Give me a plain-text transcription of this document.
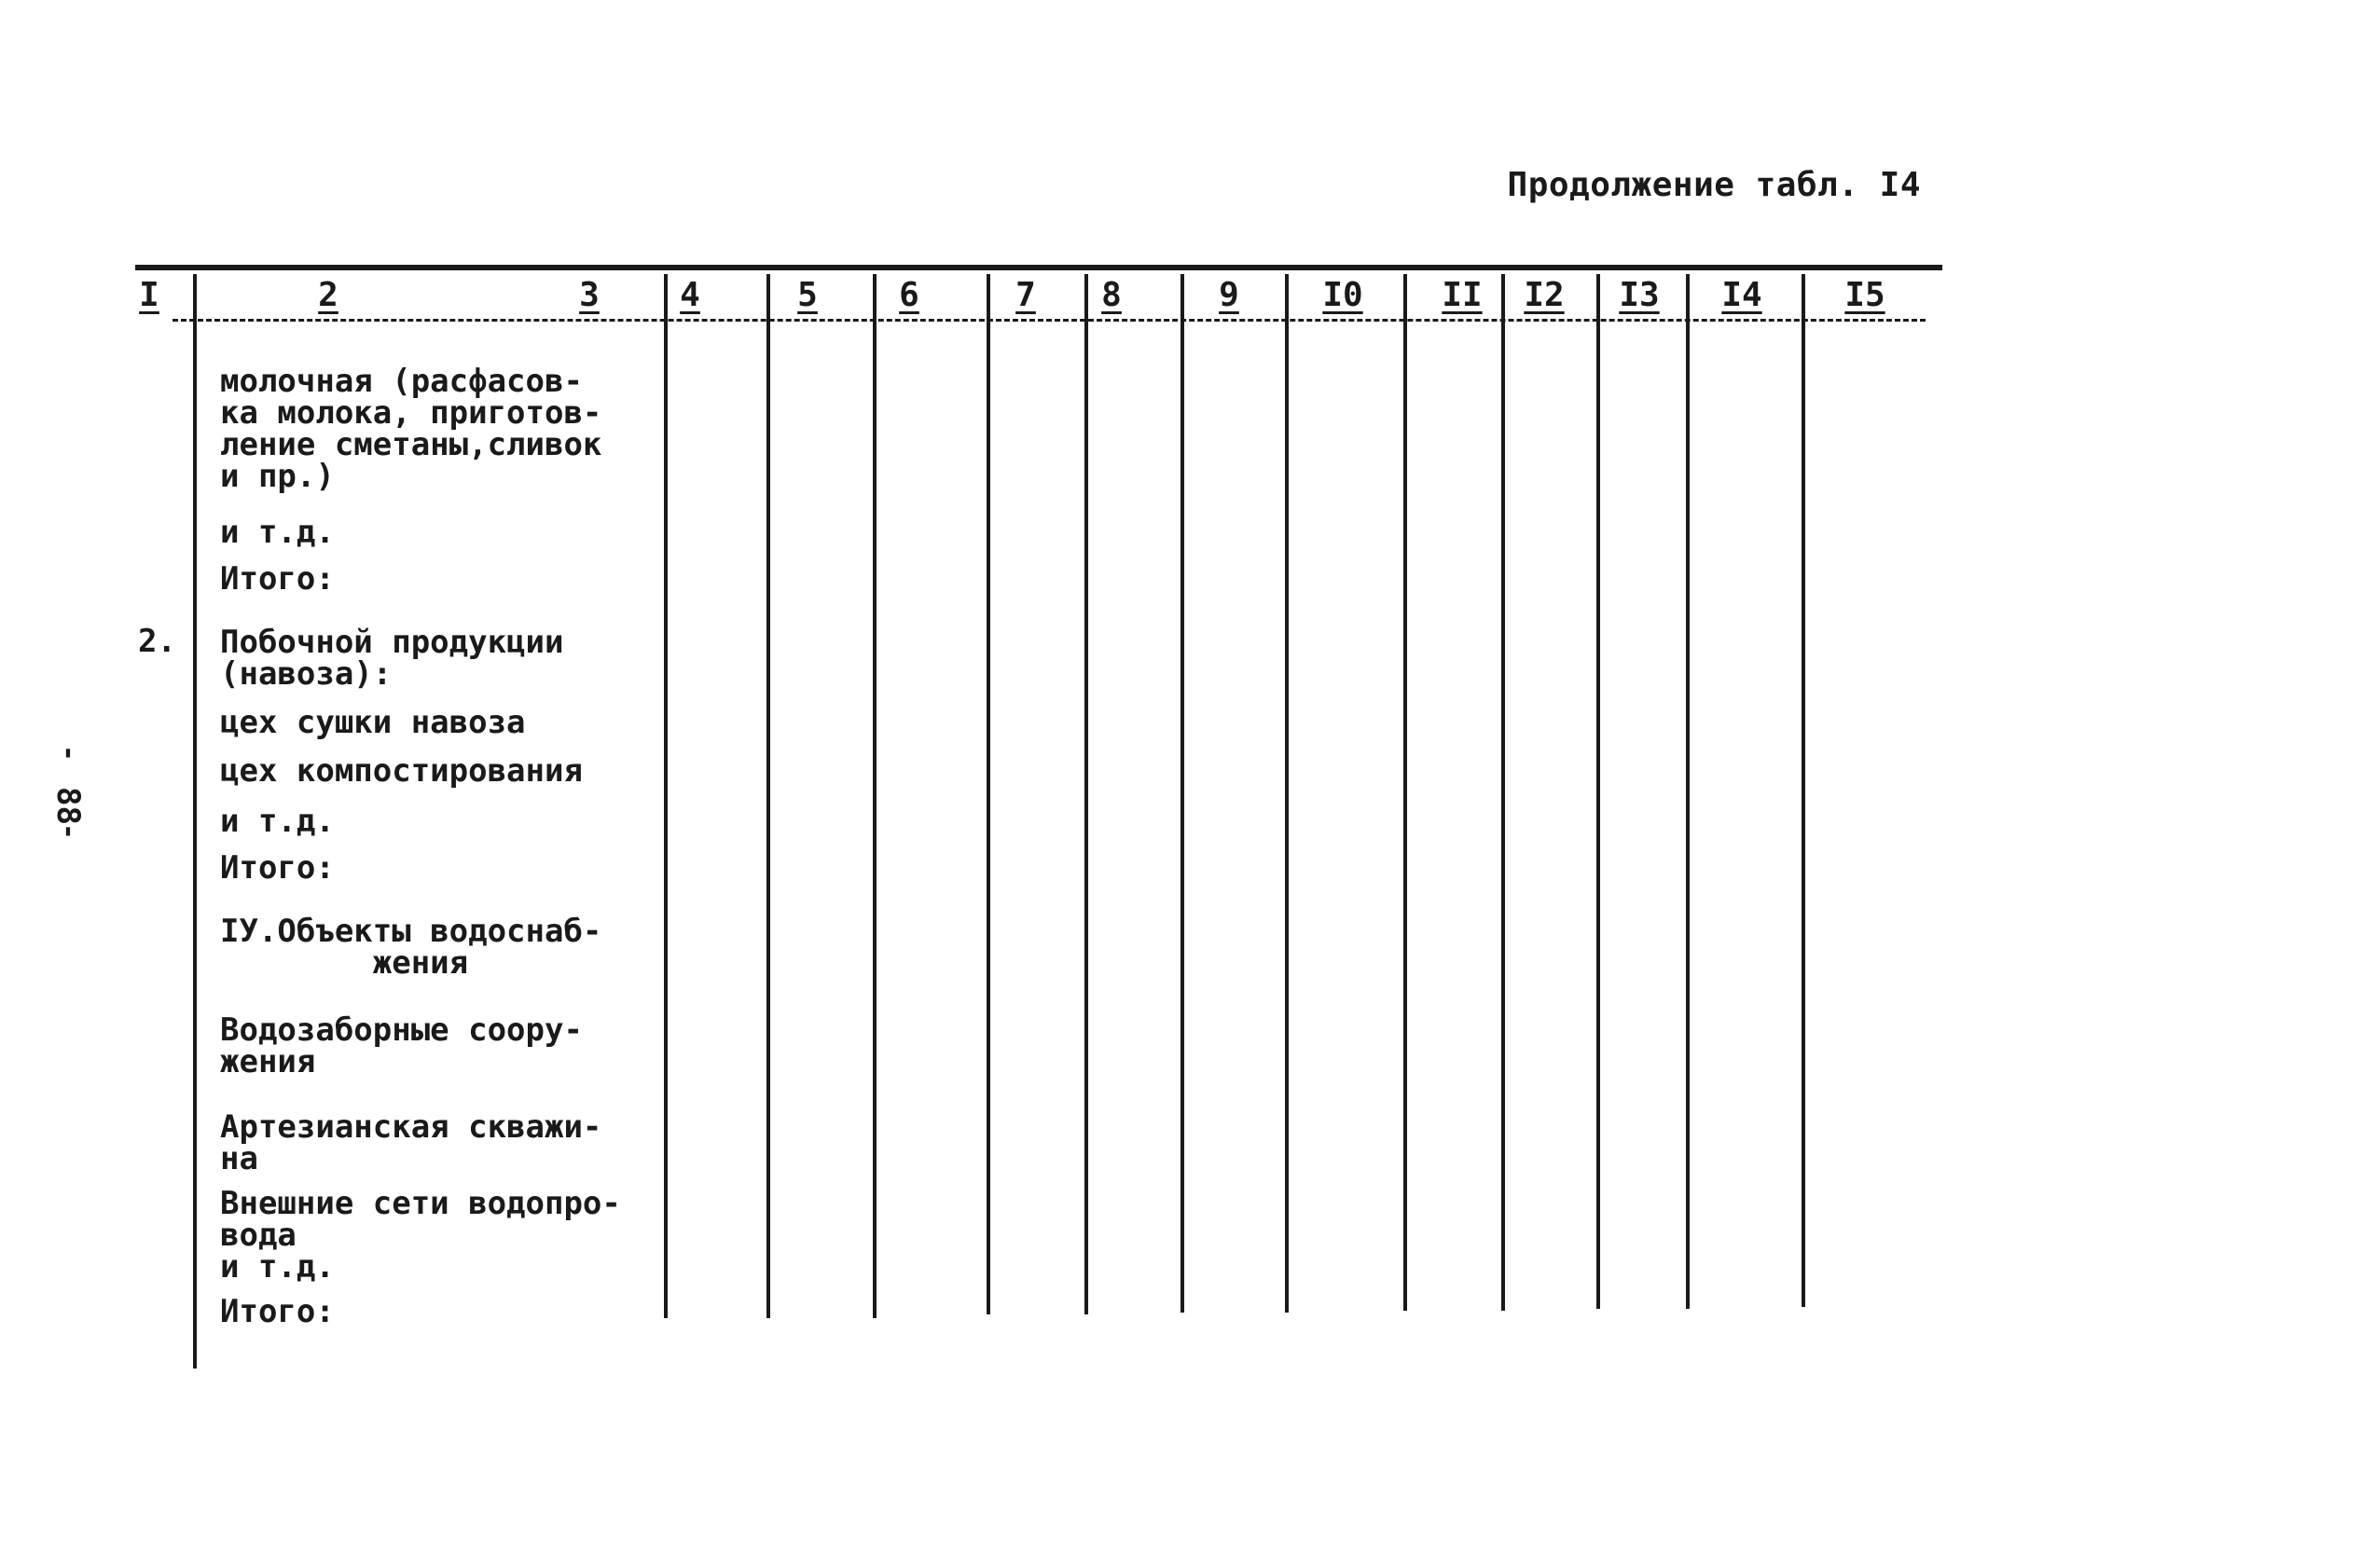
Продолжение табл. I4
I	2	3	4	5	6	7	8	9	I0	II	I2	I3	I4	I5
молочная (расфасов-
ка молока, приготов-
ление сметаны,сливок
и пр.)
и т.д.
Итого:
2. Побочной продукции
(навоза):
цех сушки навоза
цех компостирования
и т.д.
Итого:
IУ.Объекты водоснаб-
жения
Водозаборные соору-
жения
Артезианская скважи-
на
Внешние сети водопро-
вода
и т.д.
Итого:
'
88
'
